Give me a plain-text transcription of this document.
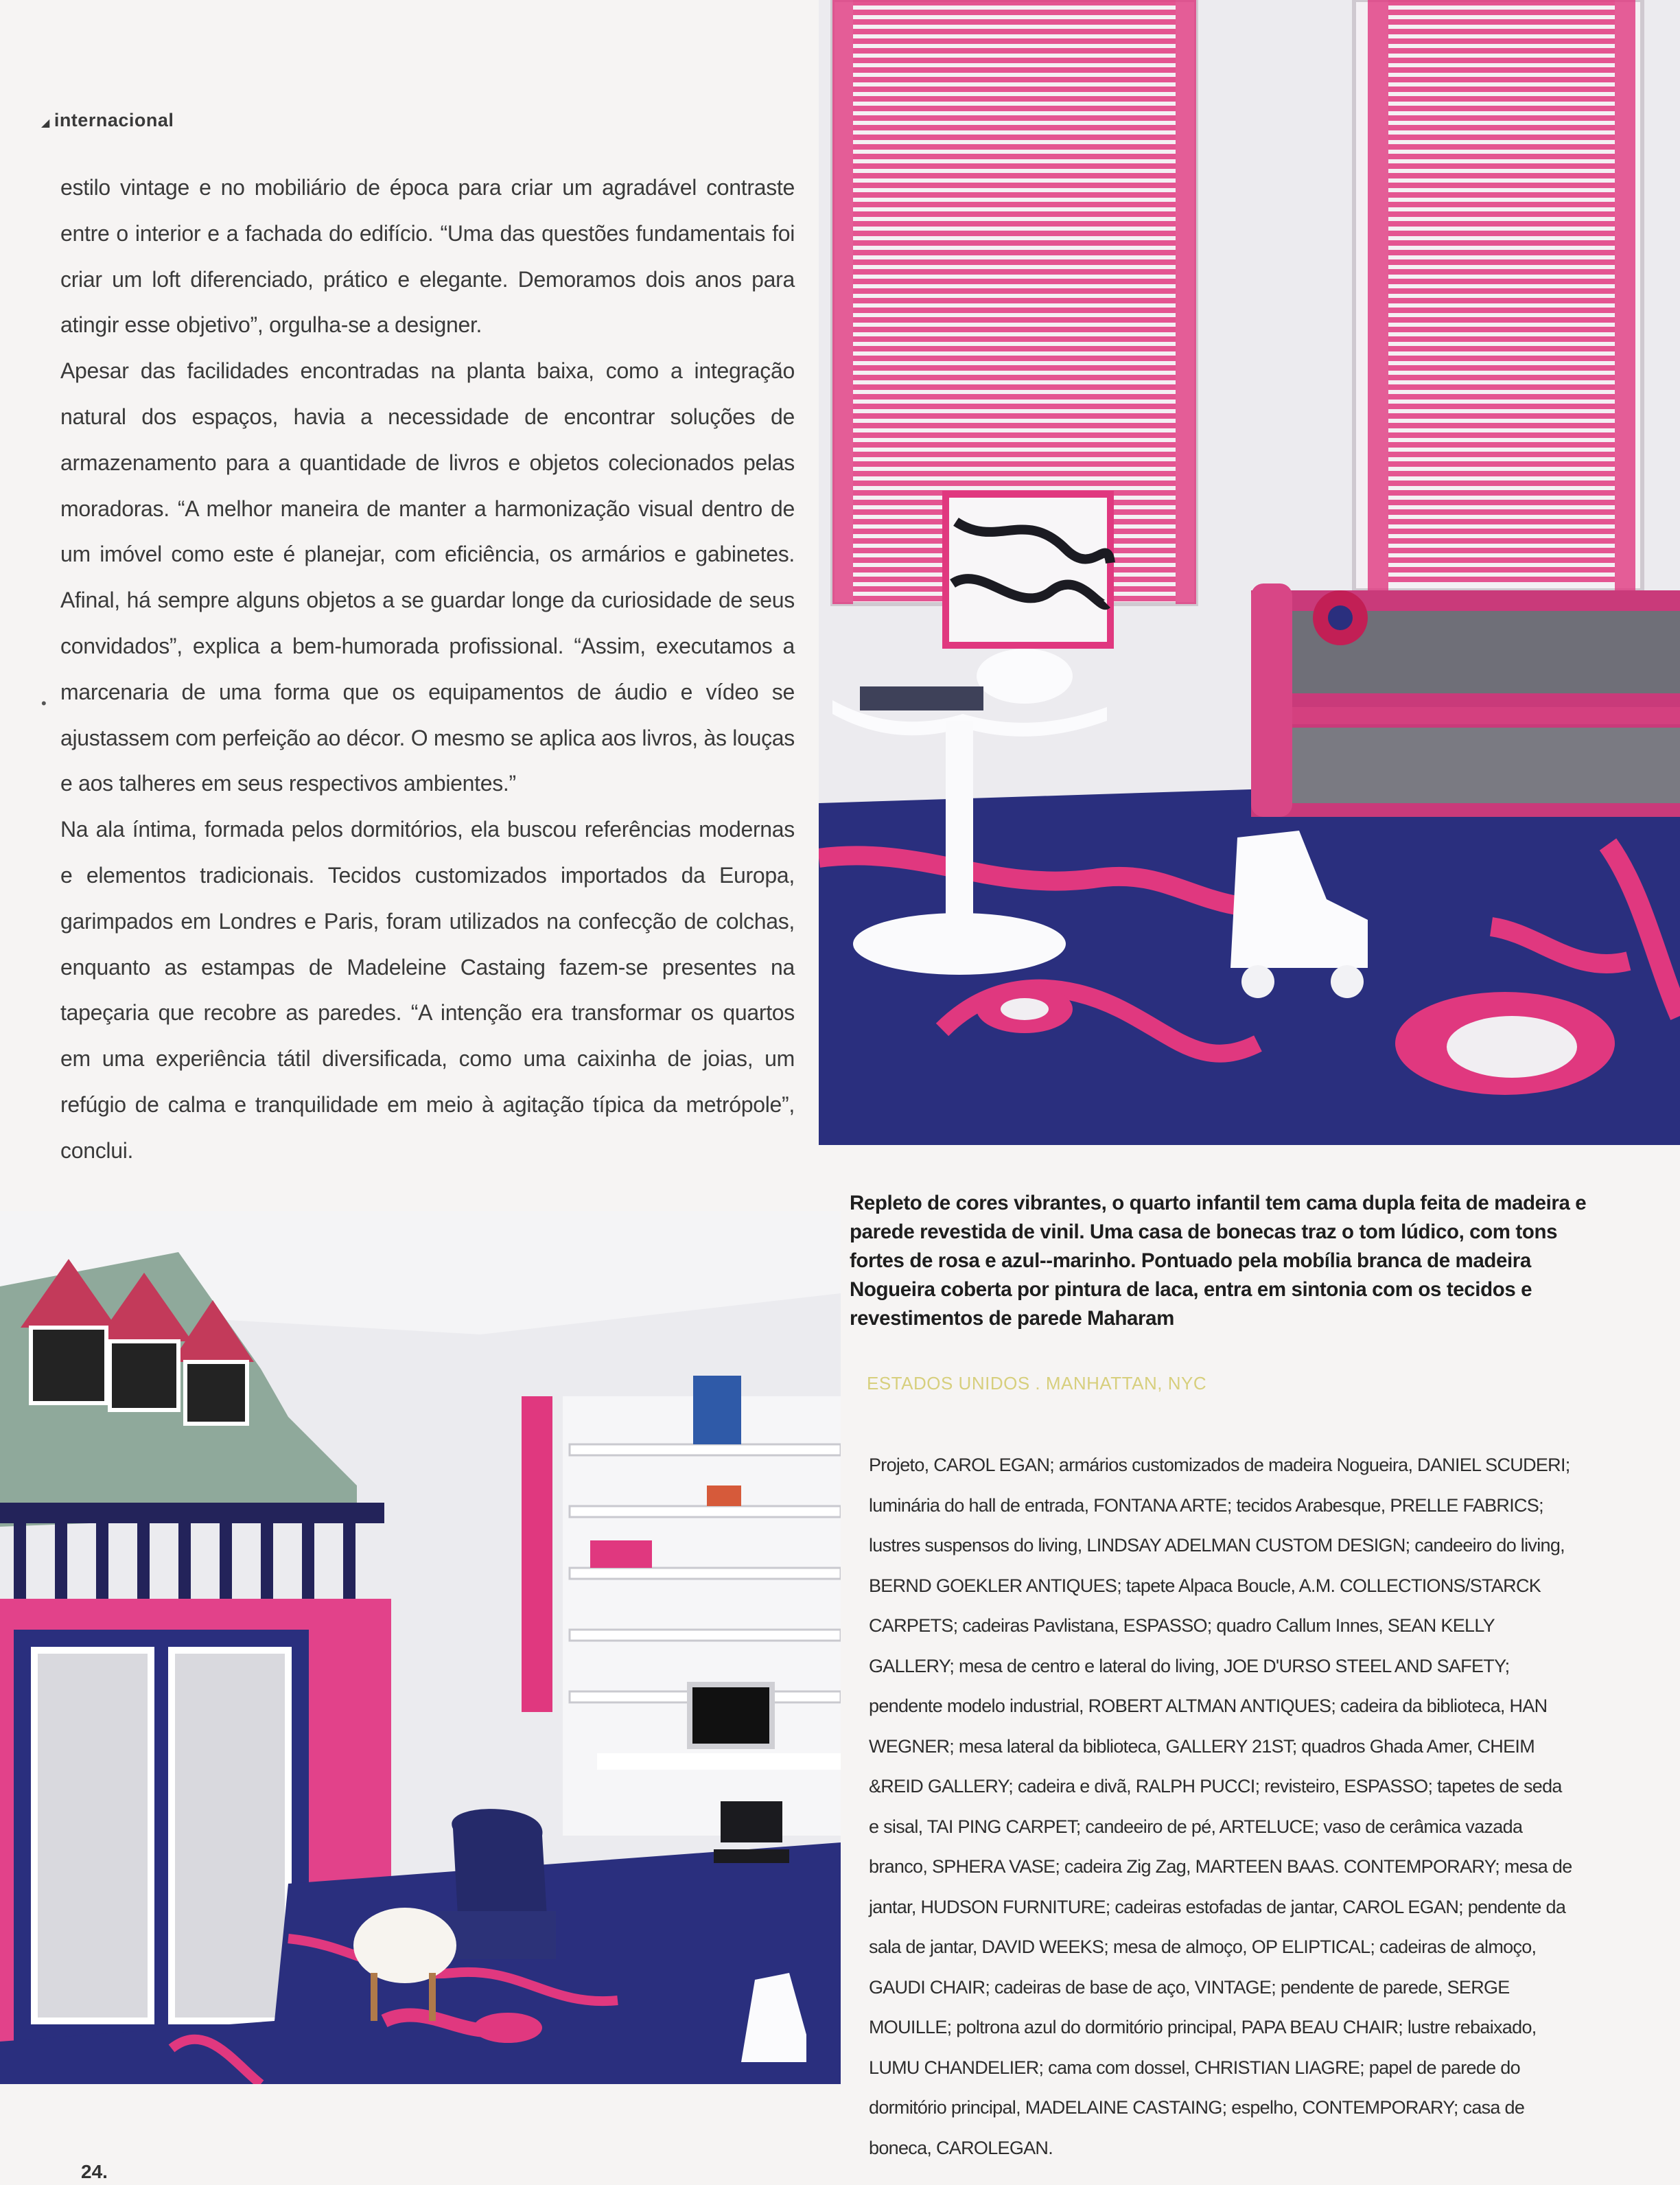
◢ internacional

estilo vintage e no mobiliário de época para criar um agradável contraste entre o interior e a fachada do edifício. “Uma das questões fundamentais foi criar um loft diferenciado, prático e elegante. Demoramos dois anos para atingir esse objetivo”, orgulha-se a designer.

Apesar das facilidades encontradas na planta baixa, como a integração natural dos espaços, havia a necessidade de encontrar soluções de armazenamento para a quantidade de livros e objetos colecionados pelas moradoras. “A melhor maneira de manter a harmonização visual dentro de um imóvel como este é planejar, com eficiência, os armários e gabinetes. Afinal, há sempre alguns objetos a se guardar longe da curiosidade de seus convidados”, explica a bem-humorada profissional. “Assim, executamos a marcenaria de uma forma que os equipamentos de áudio e vídeo se ajustassem com perfeição ao décor. O mesmo se aplica aos livros, às louças e aos talheres em seus respectivos ambientes.”

Na ala íntima, formada pelos dormitórios, ela buscou referências modernas e elementos tradicionais. Tecidos customizados importados da Europa, garimpados em Londres e Paris, foram utilizados na confecção de colchas, enquanto as estampas de Madeleine Castaing fazem-se presentes na tapeçaria que recobre as paredes. “A intenção era transformar os quartos em uma experiência tátil diversificada, como uma caixinha de joias, um refúgio de calma e tranquilidade em meio à agitação típica da metrópole”, conclui.

•
Repleto de cores vibrantes, o quarto infantil tem cama dupla feita de madeira e parede revestida de vinil. Uma casa de bonecas traz o tom lúdico, com tons fortes de rosa e azul--marinho. Pontuado pela mobília branca de madeira Nogueira coberta por pintura de laca, entra em sintonia com os tecidos e revestimentos de parede Maharam
ESTADOS UNIDOS . MANHATTAN, NYC

Projeto, CAROL EGAN; armários customizados de madeira Nogueira, DANIEL SCUDERI; luminária do hall de entrada, FONTANA ARTE; tecidos Arabesque, PRELLE FABRICS; lustres suspensos do living, LINDSAY ADELMAN CUSTOM DESIGN; candeeiro do living, BERND GOEKLER ANTIQUES; tapete Alpaca Boucle, A.M. COLLECTIONS/STARCK CARPETS; cadeiras Pavlistana, ESPASSO; quadro Callum Innes, SEAN KELLY GALLERY; mesa de centro e lateral do living, JOE D'URSO STEEL AND SAFETY; pendente modelo industrial, ROBERT ALTMAN ANTIQUES; cadeira da biblioteca, HAN WEGNER; mesa lateral da biblioteca, GALLERY 21ST; quadros Ghada Amer, CHEIM &REID GALLERY; cadeira e divã, RALPH PUCCI; revisteiro, ESPASSO; tapetes de seda e sisal, TAI PING CARPET; candeeiro de pé, ARTELUCE; vaso de cerâmica vazada branco, SPHERA VASE; cadeira Zig Zag, MARTEEN BAAS. CONTEMPORARY; mesa de jantar, HUDSON FURNITURE; cadeiras estofadas de jantar, CAROL EGAN; pendente da sala de jantar, DAVID WEEKS; mesa de almoço, OP ELIPTICAL; cadeiras de almoço, GAUDI CHAIR; cadeiras de base de aço, VINTAGE; pendente de parede, SERGE MOUILLE; poltrona azul do dormitório principal, PAPA BEAU CHAIR; lustre rebaixado, LUMU CHANDELIER; cama com dossel, CHRISTIAN LIAGRE; papel de parede do dormitório principal, MADELAINE CASTAING; espelho, CONTEMPORARY; casa de boneca, CAROLEGAN.

24.
